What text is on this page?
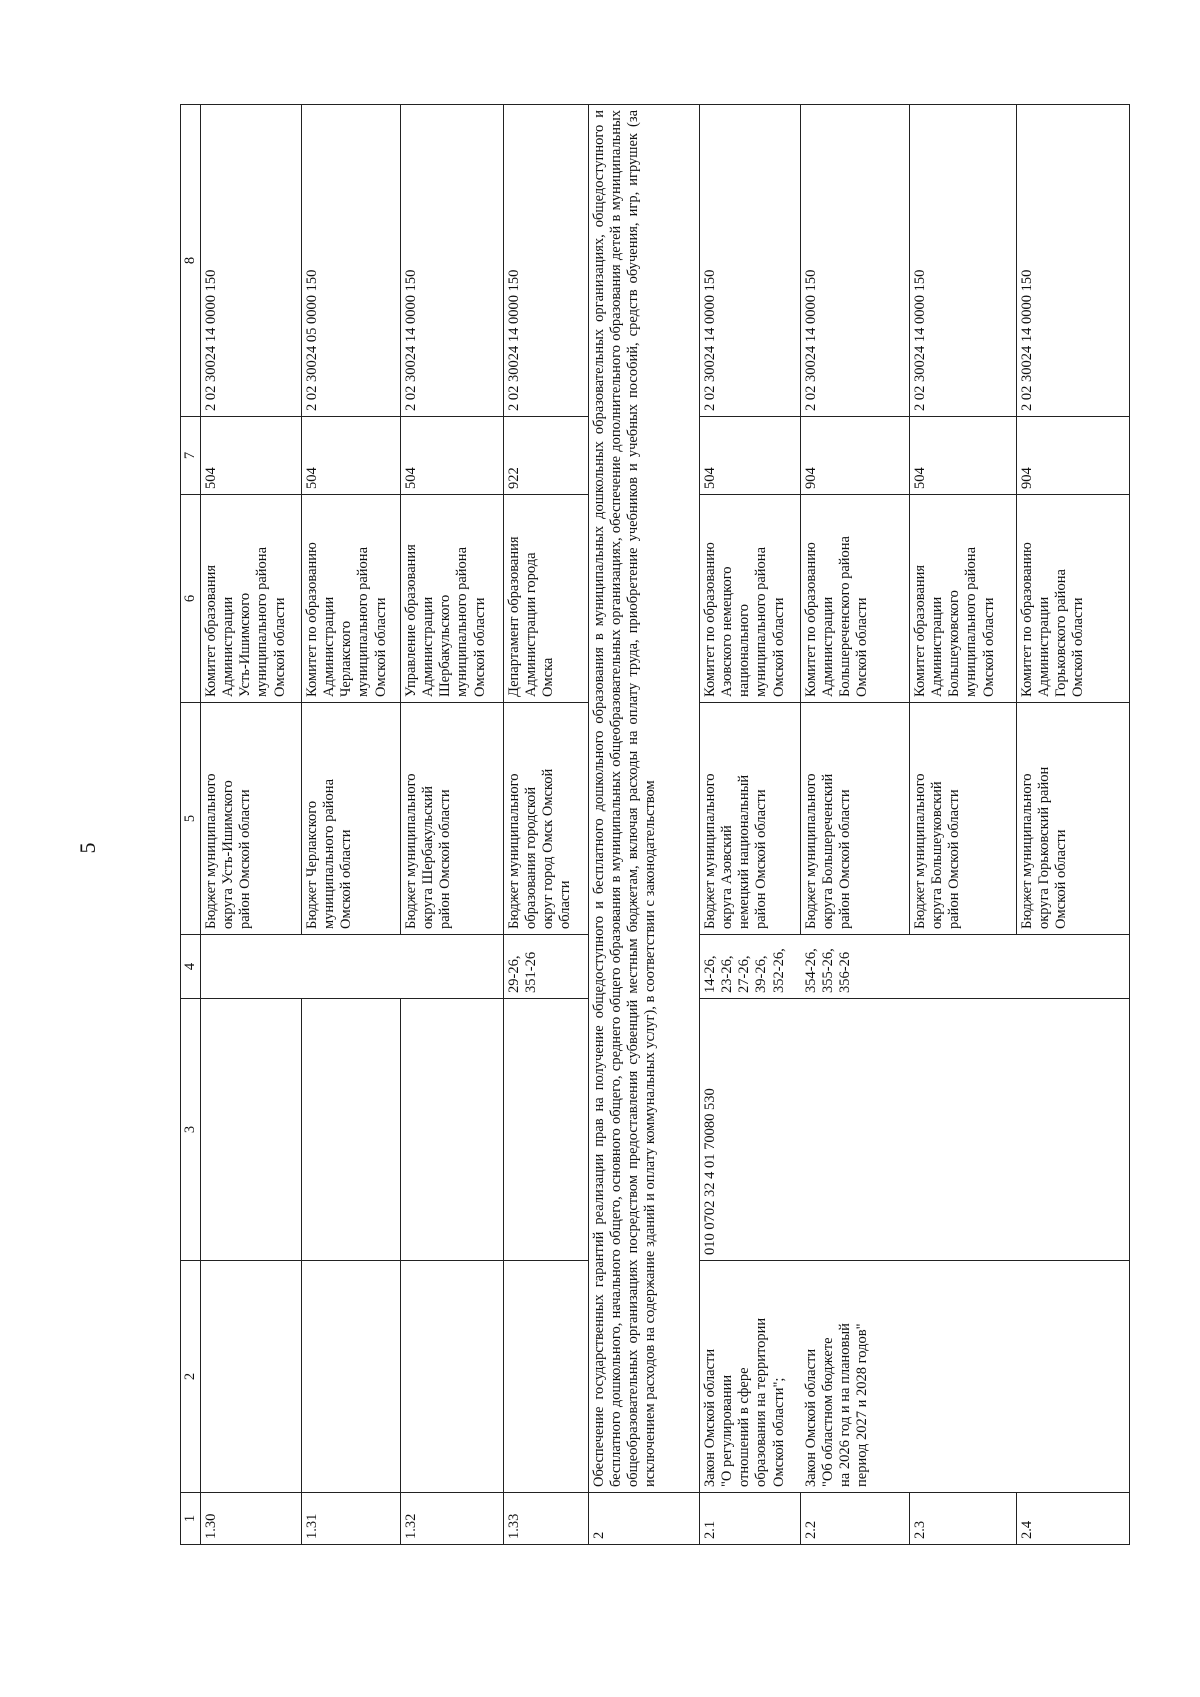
5
1	2	3	4	5	6	7	8
1.30				Бюджет муниципального округа Усть-Ишимского район Омской области	Комитет образования Администрации Усть-Ишимского муниципального района Омской области	504	2 02 30024 14 0000 150
1.31				Бюджет Черлакского муниципального района Омской области	Комитет по образованию Администрации Черлакского муниципального района Омской области	504	2 02 30024 05 0000 150
1.32				Бюджет муниципального округа Шербакульский район Омской области	Управление образования Администрации Шербакульского муниципального района Омской области	504	2 02 30024 14 0000 150
1.33			29-26, 351-26	Бюджет муниципального образования городской округ город Омск Омской области	Департамент образования Администрации города Омска	922	2 02 30024 14 0000 150
2	Обеспечение государственных гарантий реализации прав на получение общедоступного и бесплатного дошкольного образования в муниципальных дошкольных образовательных организациях, общедоступного и бесплатного дошкольного, начального общего, основного общего, среднего общего образования в муниципальных общеобразовательных организациях, обеспечение дополнительного образования детей в муниципальных общеобразовательных организациях посредством предоставления субвенций местным бюджетам, включая расходы на оплату труда, приобретение учебников и учебных пособий, средств обучения, игр, игрушек (за исключением расходов на содержание зданий и оплату коммунальных услуг), в соответствии с законодательством						
2.1	Закон Омской области "О регулировании отношений в сфере образования на территории Омской области";	010 0702 32 4 01 70080 530	14-26, 23-26, 27-26, 39-26, 352-26,	Бюджет муниципального округа Азовский немецкий национальный район Омской области	Комитет по образованию Азовского немецкого национального муниципального района Омской области	504	2 02 30024 14 0000 150
2.2	Закон Омской области "Об областном бюджете на 2026 год и на плановый период 2027 и 2028 годов"		354-26, 355-26, 356-26	Бюджет муниципального округа Большереченский район Омской области	Комитет по образованию Администрации Большереченского района Омской области	904	2 02 30024 14 0000 150
2.3				Бюджет муниципального округа Большеуковский район Омской области	Комитет образования Администрации Большеуковского муниципального района Омской области	504	2 02 30024 14 0000 150
2.4				Бюджет муниципального округа Горьковский район Омской области	Комитет по образованию Администрации Горьковского района Омской области	904	2 02 30024 14 0000 150
